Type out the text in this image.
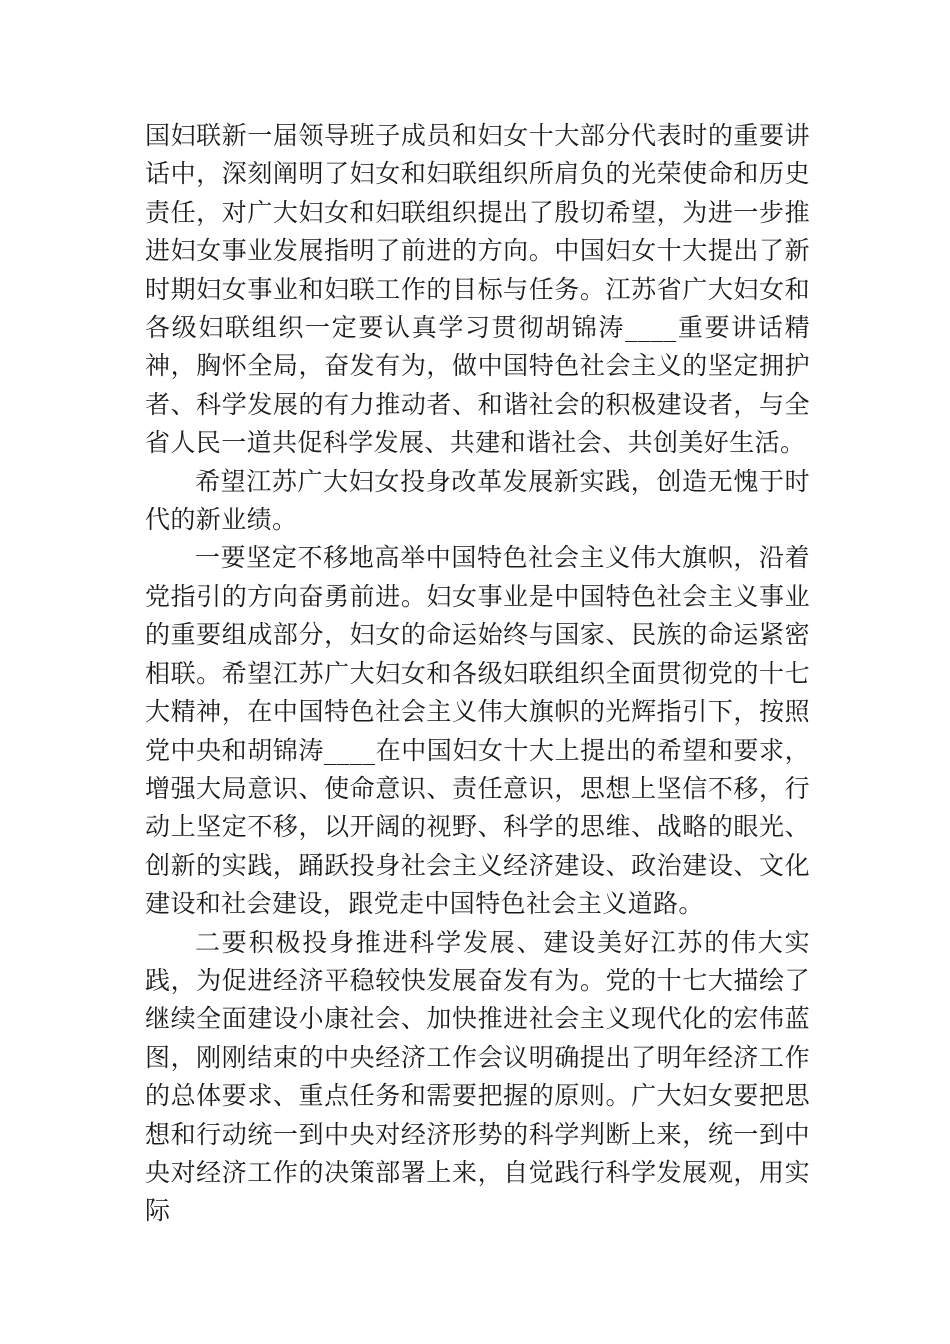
国妇联新一届领导班子成员和妇女十大部分代表时的重要讲话中，深刻阐明了妇女和妇联组织所肩负的光荣使命和历史责任，对广大妇女和妇联组织提出了殷切希望，为进一步推进妇女事业发展指明了前进的方向。中国妇女十大提出了新时期妇女事业和妇联工作的目标与任务。江苏省广大妇女和各级妇联组织一定要认真学习贯彻胡锦涛____重要讲话精神，胸怀全局，奋发有为，做中国特色社会主义的坚定拥护者、科学发展的有力推动者、和谐社会的积极建设者，与全省人民一道共促科学发展、共建和谐社会、共创美好生活。

希望江苏广大妇女投身改革发展新实践，创造无愧于时代的新业绩。

一要坚定不移地高举中国特色社会主义伟大旗帜，沿着党指引的方向奋勇前进。妇女事业是中国特色社会主义事业的重要组成部分，妇女的命运始终与国家、民族的命运紧密相联。希望江苏广大妇女和各级妇联组织全面贯彻党的十七大精神，在中国特色社会主义伟大旗帜的光辉指引下，按照党中央和胡锦涛____在中国妇女十大上提出的希望和要求，增强大局意识、使命意识、责任意识，思想上坚信不移，行动上坚定不移，以开阔的视野、科学的思维、战略的眼光、创新的实践，踊跃投身社会主义经济建设、政治建设、文化建设和社会建设，跟党走中国特色社会主义道路。

二要积极投身推进科学发展、建设美好江苏的伟大实践，为促进经济平稳较快发展奋发有为。党的十七大描绘了继续全面建设小康社会、加快推进社会主义现代化的宏伟蓝图，刚刚结束的中央经济工作会议明确提出了明年经济工作的总体要求、重点任务和需要把握的原则。广大妇女要把思想和行动统一到中央对经济形势的科学判断上来，统一到中央对经济工作的决策部署上来，自觉践行科学发展观，用实际
